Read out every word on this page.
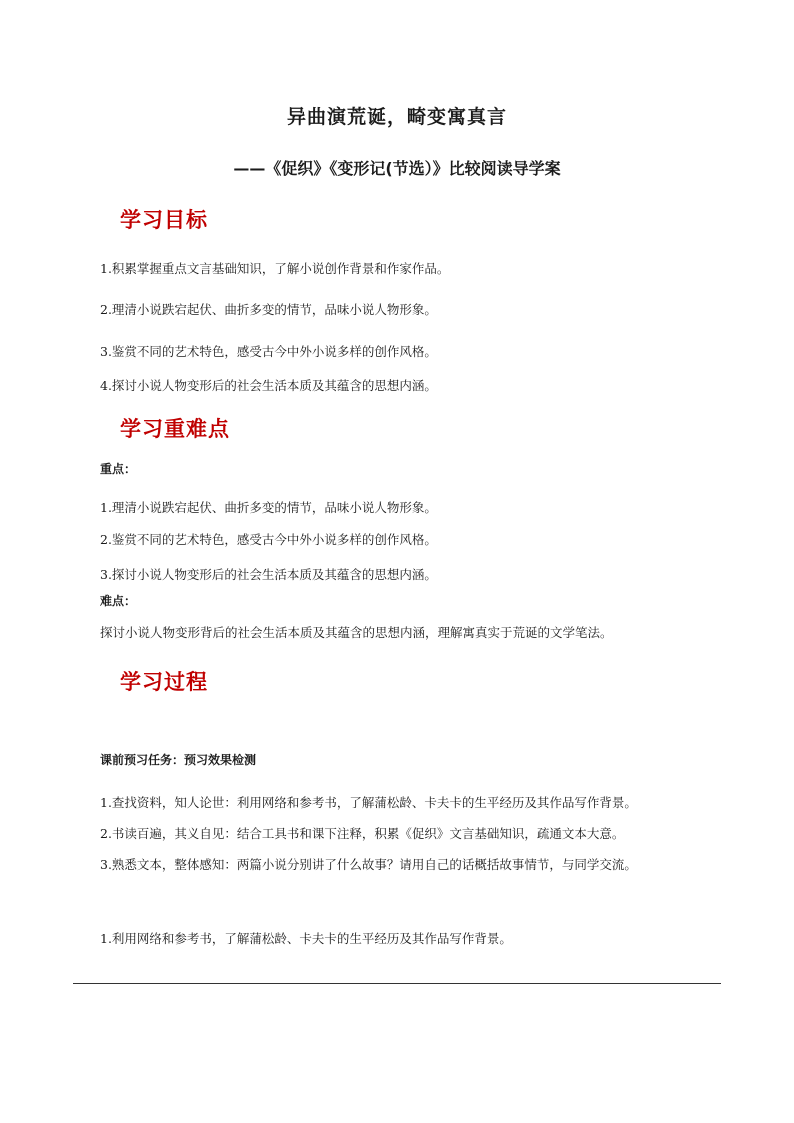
异曲演荒诞，畸变寓真言
——《促织》《变形记(节选）》比较阅读导学案
学习目标

1.积累掌握重点文言基础知识，了解小说创作背景和作家作品。

2.理清小说跌宕起伏、曲折多变的情节，品味小说人物形象。

3.鉴赏不同的艺术特色，感受古今中外小说多样的创作风格。

4.探讨小说人物变形后的社会生活本质及其蕴含的思想内涵。

学习重难点

重点：

1.理清小说跌宕起伏、曲折多变的情节，品味小说人物形象。

2.鉴赏不同的艺术特色，感受古今中外小说多样的创作风格。

3.探讨小说人物变形后的社会生活本质及其蕴含的思想内涵。

难点：

探讨小说人物变形背后的社会生活本质及其蕴含的思想内涵，理解寓真实于荒诞的文学笔法。

学习过程

课前预习任务：预习效果检测

1.查找资料，知人论世：利用网络和参考书，了解蒲松龄、卡夫卡的生平经历及其作品写作背景。

2.书读百遍，其义自见：结合工具书和课下注释，积累《促织》文言基础知识，疏通文本大意。

3.熟悉文本，整体感知：两篇小说分别讲了什么故事？请用自己的话概括故事情节，与同学交流。

1.利用网络和参考书，了解蒲松龄、卡夫卡的生平经历及其作品写作背景。
